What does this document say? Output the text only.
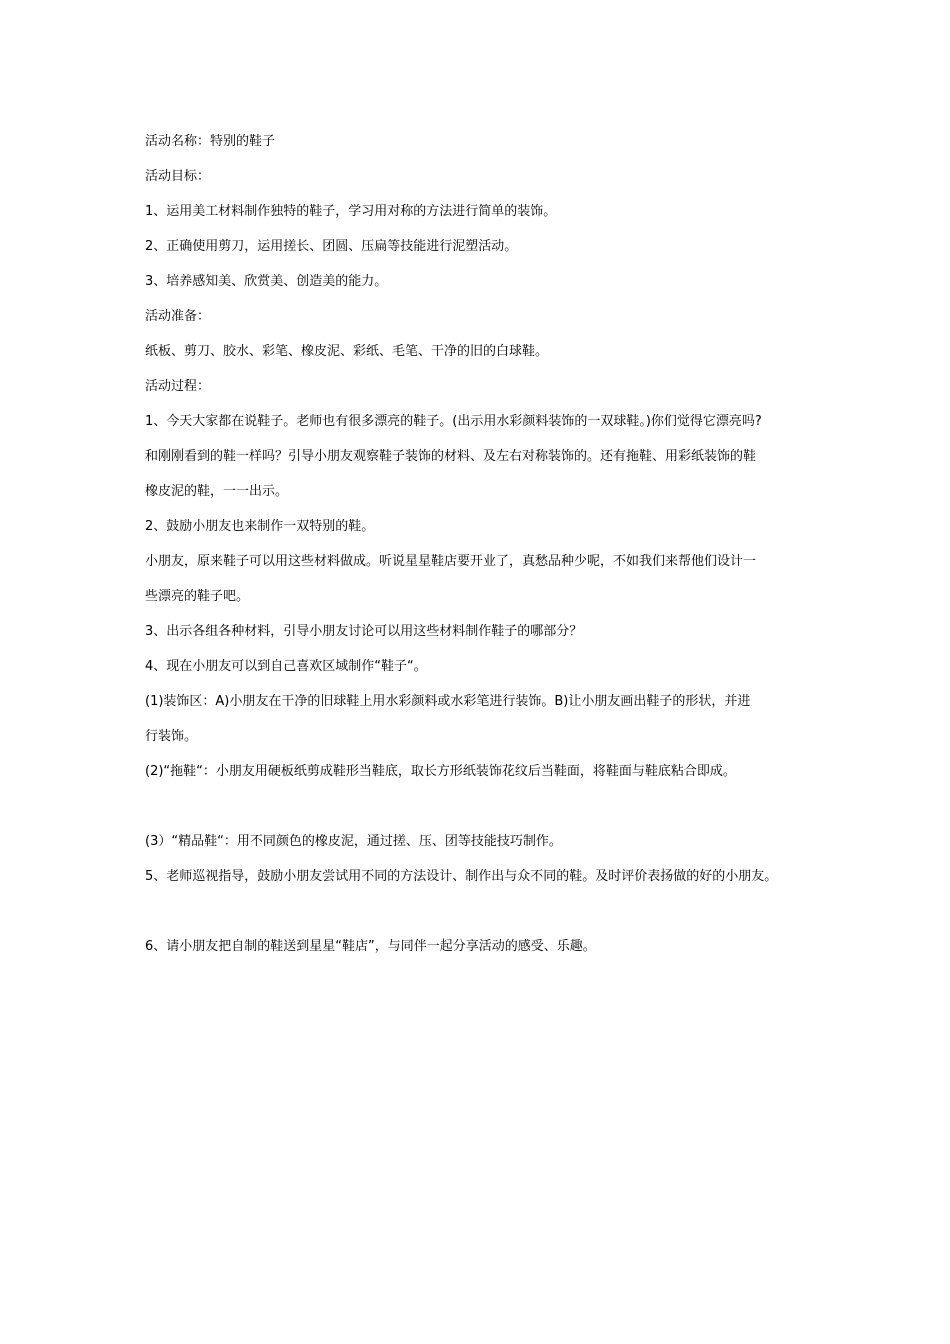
活动名称：特别的鞋子
活动目标：
1、运用美工材料制作独特的鞋子，学习用对称的方法进行简单的装饰。
2、正确使用剪刀，运用搓长、团圆、压扁等技能进行泥塑活动。
3、培养感知美、欣赏美、创造美的能力。
活动准备：
纸板、剪刀、胶水、彩笔、橡皮泥、彩纸、毛笔、干净的旧的白球鞋。
活动过程：
1、今天大家都在说鞋子。老师也有很多漂亮的鞋子。(出示用水彩颜料装饰的一双球鞋。)你们觉得它漂亮吗?
和刚刚看到的鞋一样吗？引导小朋友观察鞋子装饰的材料、及左右对称装饰的。还有拖鞋、用彩纸装饰的鞋
橡皮泥的鞋，一一出示。
2、鼓励小朋友也来制作一双特别的鞋。
小朋友，原来鞋子可以用这些材料做成。听说星星鞋店要开业了，真愁品种少呢，不如我们来帮他们设计一
些漂亮的鞋子吧。
3、出示各组各种材料，引导小朋友讨论可以用这些材料制作鞋子的哪部分？
4、现在小朋友可以到自己喜欢区域制作“鞋子“。
(1)装饰区：A)小朋友在干净的旧球鞋上用水彩颜料或水彩笔进行装饰。B)让小朋友画出鞋子的形状，并进
行装饰。
(2)“拖鞋“：小朋友用硬板纸剪成鞋形当鞋底，取长方形纸装饰花纹后当鞋面，将鞋面与鞋底粘合即成。
(3）“精品鞋“：用不同颜色的橡皮泥，通过搓、压、团等技能技巧制作。
5、老师巡视指导，鼓励小朋友尝试用不同的方法设计、制作出与众不同的鞋。及时评价表扬做的好的小朋友。
6、请小朋友把自制的鞋送到星星“鞋店”，与同伴一起分享活动的感受、乐趣。
